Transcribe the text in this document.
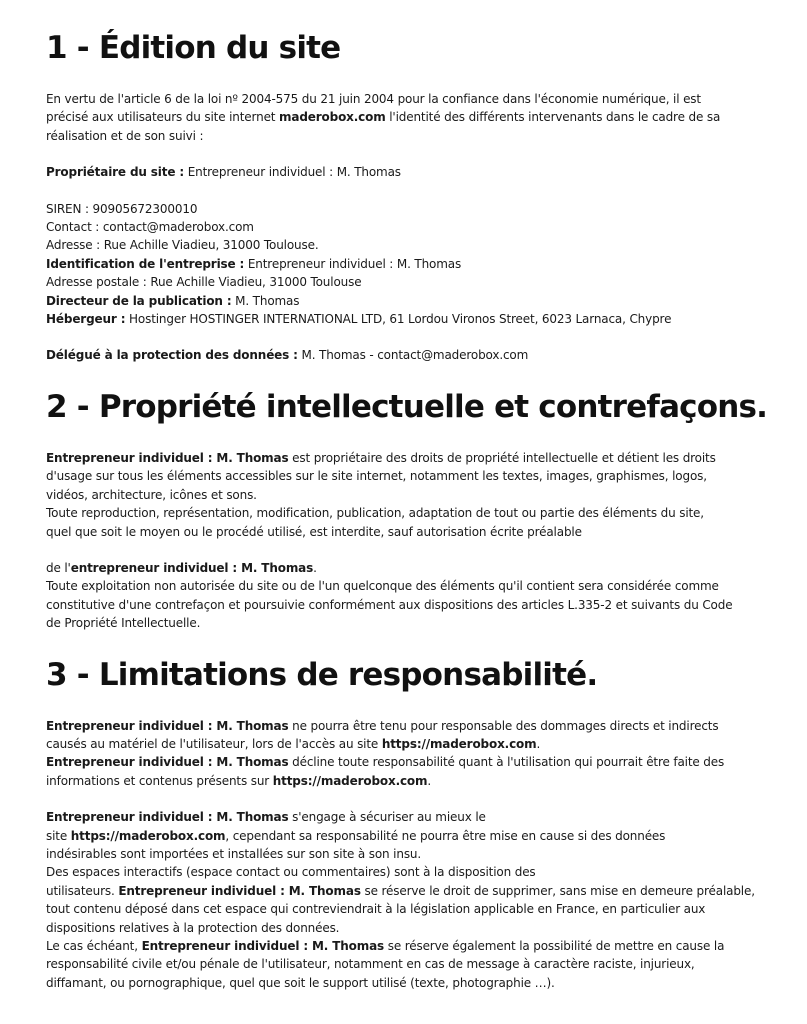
1 - Édition du site

En vertu de l'article 6 de la loi nº 2004-575 du 21 juin 2004 pour la confiance dans l'économie numérique, il est

précisé aux utilisateurs du site internet maderobox.com l'identité des différents intervenants dans le cadre de sa

réalisation et de son suivi :

Propriétaire du site : Entrepreneur individuel : M. Thomas

SIREN : 90905672300010

Contact : contact@maderobox.com

Adresse : Rue Achille Viadieu, 31000 Toulouse.

Identification de l'entreprise : Entrepreneur individuel : M. Thomas

Adresse postale : Rue Achille Viadieu, 31000 Toulouse

Directeur de la publication : M. Thomas

Hébergeur : Hostinger HOSTINGER INTERNATIONAL LTD, 61 Lordou Vironos Street, 6023 Larnaca, Chypre

Délégué à la protection des données : M. Thomas - contact@maderobox.com

2 - Propriété intellectuelle et contrefaçons.

Entrepreneur individuel : M. Thomas est propriétaire des droits de propriété intellectuelle et détient les droits

d'usage sur tous les éléments accessibles sur le site internet, notamment les textes, images, graphismes, logos,

vidéos, architecture, icônes et sons.

Toute reproduction, représentation, modification, publication, adaptation de tout ou partie des éléments du site,

quel que soit le moyen ou le procédé utilisé, est interdite, sauf autorisation écrite préalable

de l'entrepreneur individuel : M. Thomas.

Toute exploitation non autorisée du site ou de l'un quelconque des éléments qu'il contient sera considérée comme

constitutive d'une contrefaçon et poursuivie conformément aux dispositions des articles L.335-2 et suivants du Code

de Propriété Intellectuelle.

3 - Limitations de responsabilité.

Entrepreneur individuel : M. Thomas ne pourra être tenu pour responsable des dommages directs et indirects

causés au matériel de l'utilisateur, lors de l'accès au site https://maderobox.com.

Entrepreneur individuel : M. Thomas décline toute responsabilité quant à l'utilisation qui pourrait être faite des

informations et contenus présents sur https://maderobox.com.

Entrepreneur individuel : M. Thomas s'engage à sécuriser au mieux le

site https://maderobox.com, cependant sa responsabilité ne pourra être mise en cause si des données

indésirables sont importées et installées sur son site à son insu.

Des espaces interactifs (espace contact ou commentaires) sont à la disposition des

utilisateurs. Entrepreneur individuel : M. Thomas se réserve le droit de supprimer, sans mise en demeure préalable,

tout contenu déposé dans cet espace qui contreviendrait à la législation applicable en France, en particulier aux

dispositions relatives à la protection des données.

Le cas échéant, Entrepreneur individuel : M. Thomas se réserve également la possibilité de mettre en cause la

responsabilité civile et/ou pénale de l'utilisateur, notamment en cas de message à caractère raciste, injurieux,

diffamant, ou pornographique, quel que soit le support utilisé (texte, photographie …).
